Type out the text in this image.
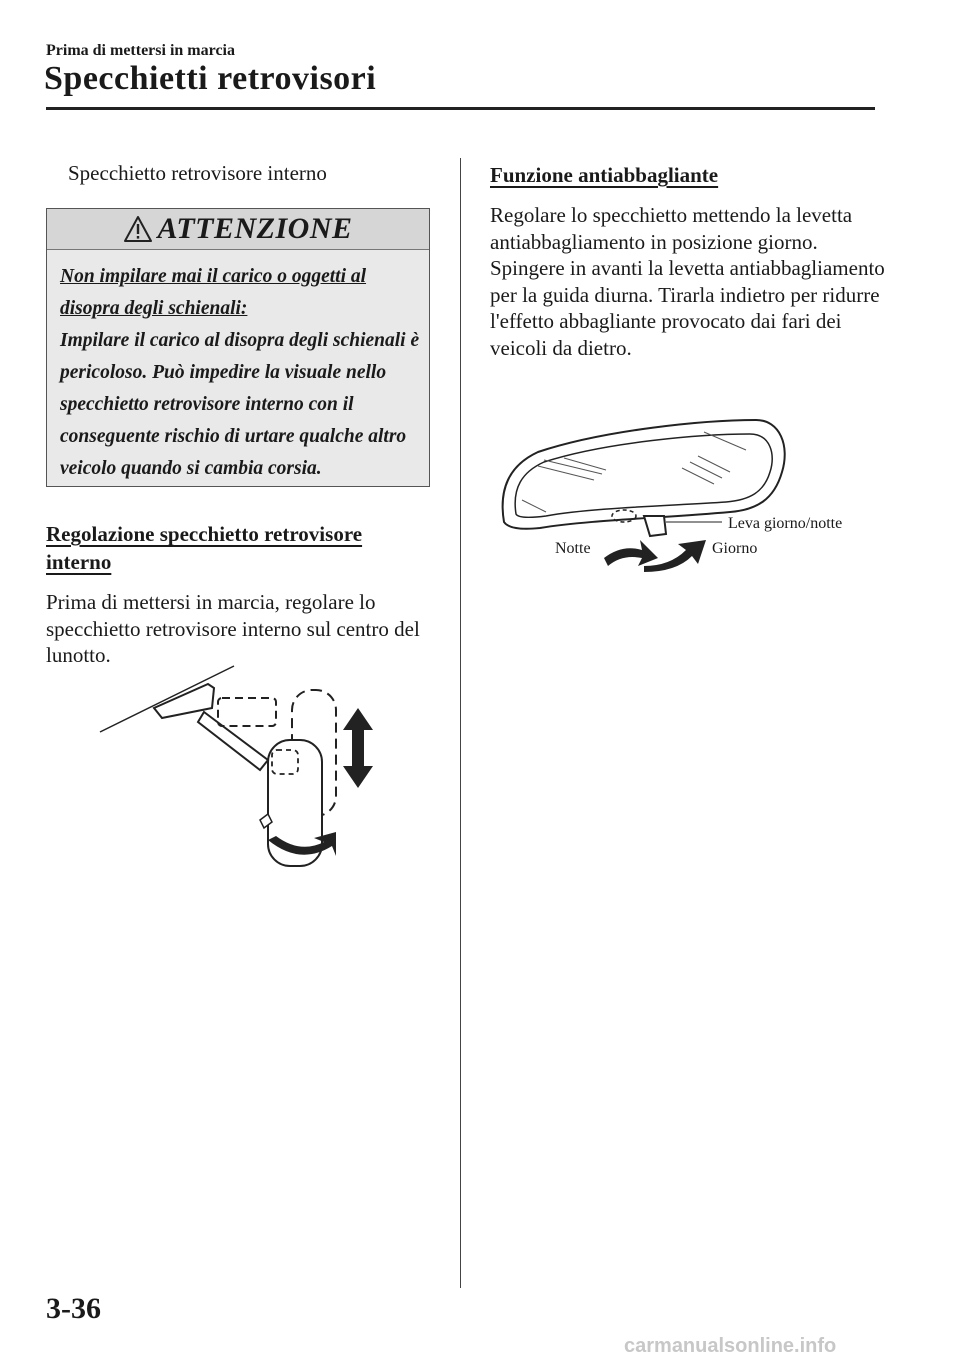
Prima di mettersi in marcia
Specchietti retrovisori
Specchietto retrovisore interno
ATTENZIONE
Non impilare mai il carico o oggetti al disopra degli schienali:
Impilare il carico al disopra degli schienali è pericoloso. Può impedire la visuale nello specchietto retrovisore interno con il conseguente rischio di urtare qualche altro veicolo quando si cambia corsia.
Regolazione specchietto retrovisore interno
Prima di mettersi in marcia, regolare lo specchietto retrovisore interno sul centro del lunotto.
Funzione antiabbagliante
Regolare lo specchietto mettendo la levetta antiabbagliamento in posizione giorno.
Spingere in avanti la levetta antiabbagliamento per la guida diurna. Tirarla indietro per ridurre l'effetto abbagliante provocato dai fari dei veicoli da dietro.
Leva giorno/notte
Notte	Giorno
3-36
carmanualsonline.info
